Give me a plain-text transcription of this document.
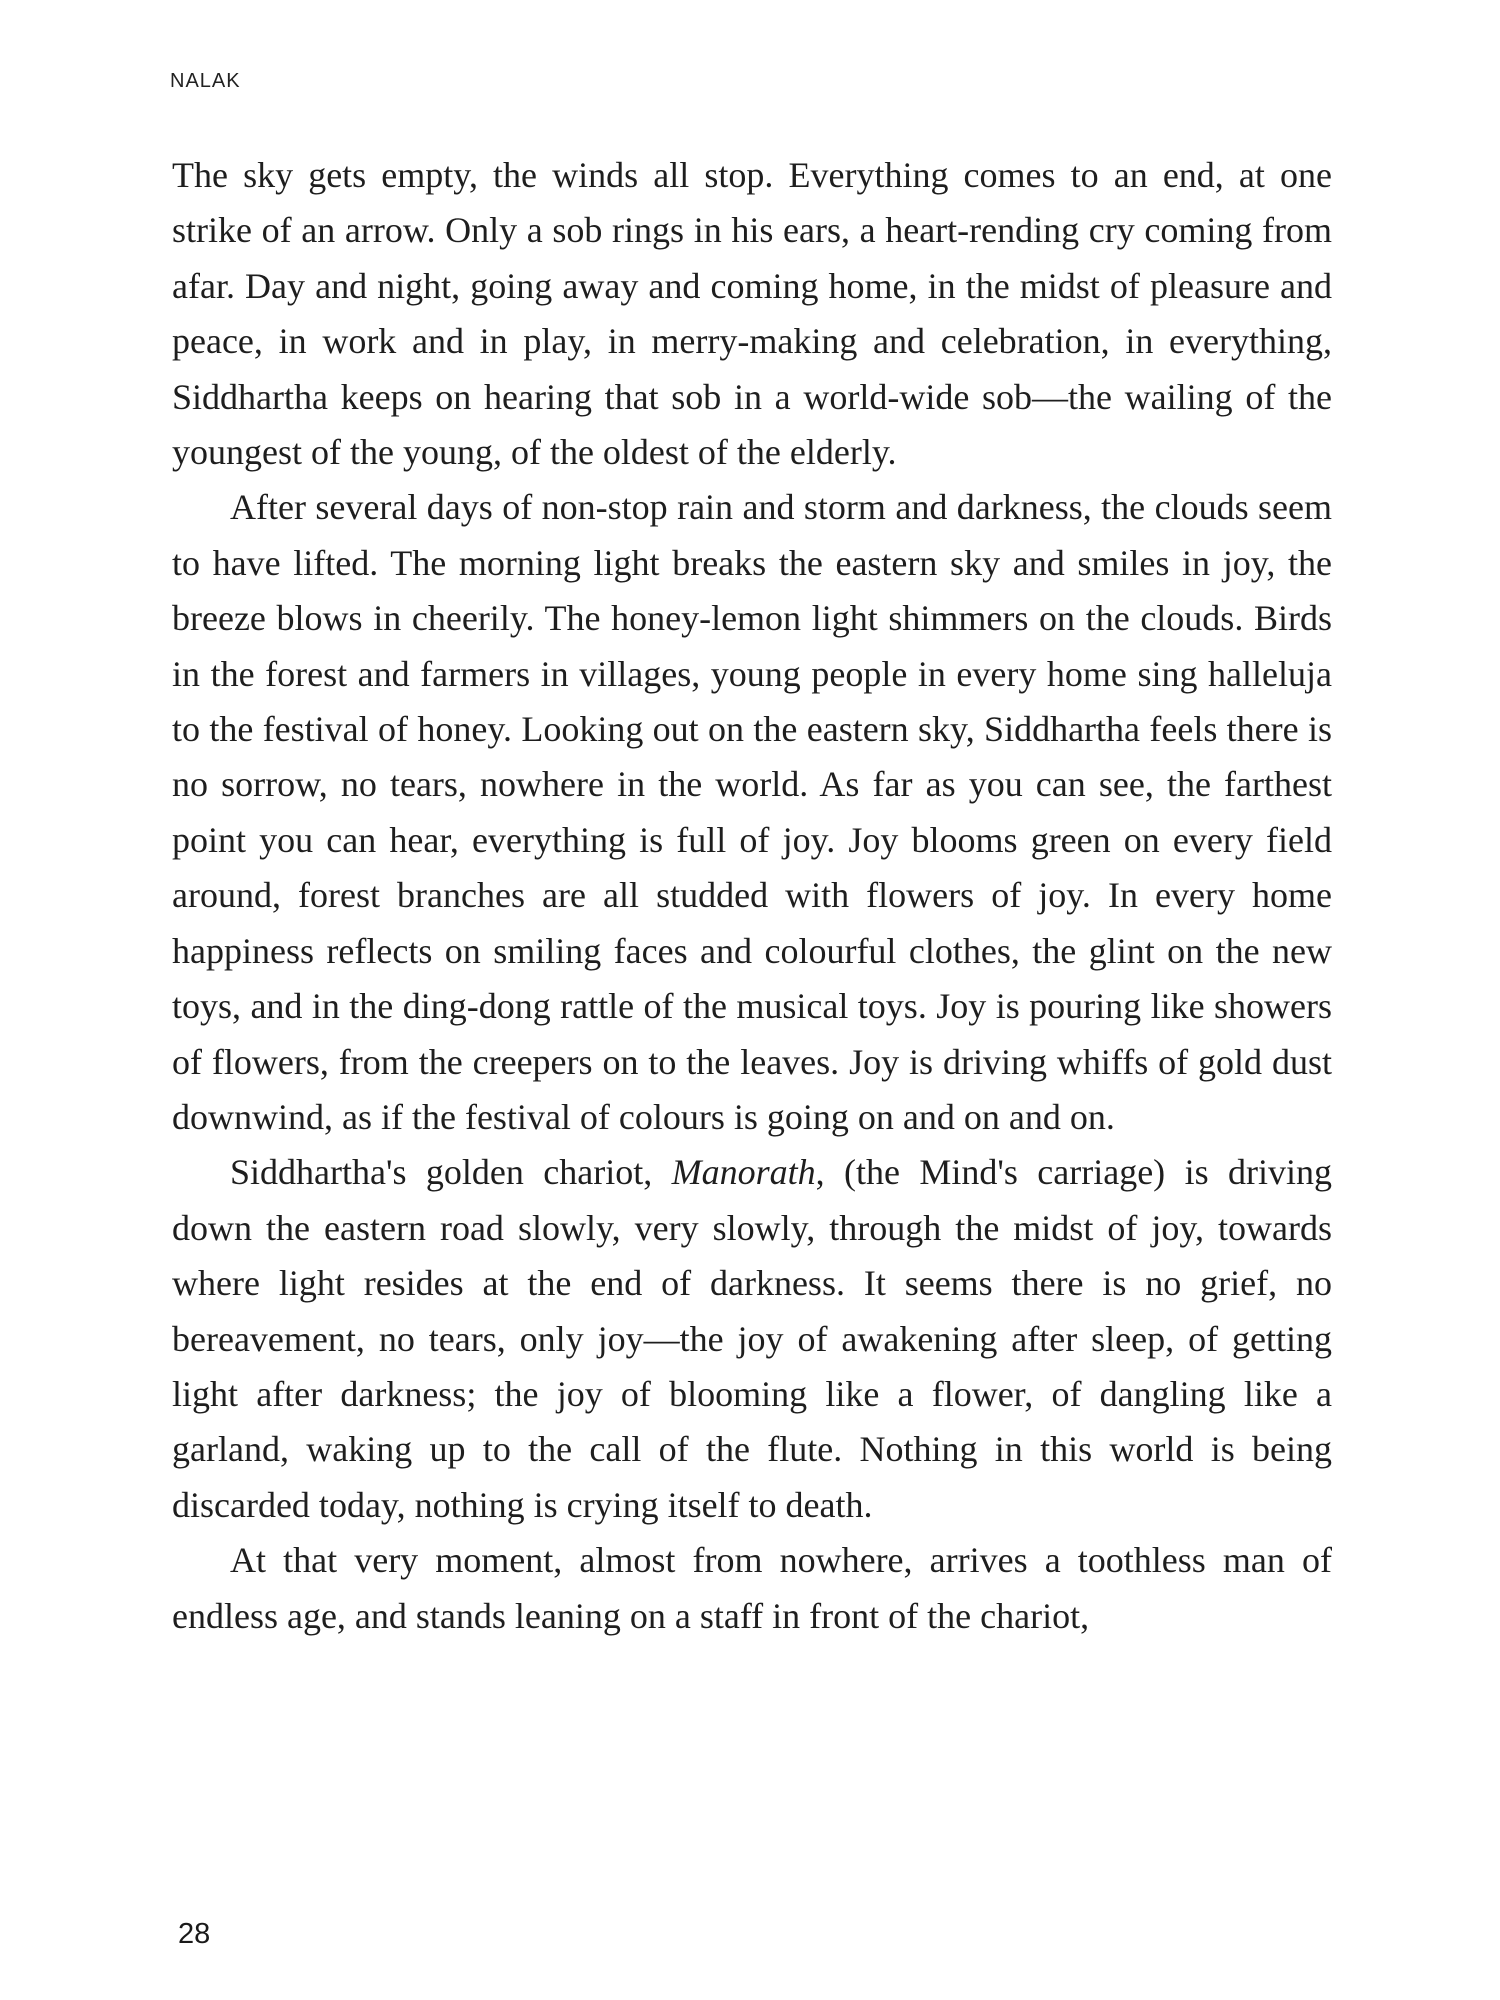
NALAK

The sky gets empty, the winds all stop. Everything comes to an end, at one strike of an arrow. Only a sob rings in his ears, a heart-rending cry coming from afar. Day and night, going away and coming home, in the midst of pleasure and peace, in work and in play, in merry-making and celebration, in everything, Siddhartha keeps on hearing that sob in a world-wide sob—the wailing of the youngest of the young, of the oldest of the elderly.

After several days of non-stop rain and storm and darkness, the clouds seem to have lifted. The morning light breaks the eastern sky and smiles in joy, the breeze blows in cheerily. The honey-lemon light shimmers on the clouds. Birds in the forest and farmers in villages, young people in every home sing halleluja to the festival of honey. Looking out on the eastern sky, Siddhartha feels there is no sorrow, no tears, nowhere in the world. As far as you can see, the farthest point you can hear, everything is full of joy. Joy blooms green on every field around, forest branches are all studded with flowers of joy. In every home happiness reflects on smiling faces and colourful clothes, the glint on the new toys, and in the ding-dong rattle of the musical toys. Joy is pouring like showers of flowers, from the creepers on to the leaves. Joy is driving whiffs of gold dust downwind, as if the festival of colours is going on and on and on.

Siddhartha's golden chariot, Manorath, (the Mind's carriage) is driving down the eastern road slowly, very slowly, through the midst of joy, towards where light resides at the end of darkness. It seems there is no grief, no bereavement, no tears, only joy—the joy of awakening after sleep, of getting light after darkness; the joy of blooming like a flower, of dangling like a garland, waking up to the call of the flute. Nothing in this world is being discarded today, nothing is crying itself to death.

At that very moment, almost from nowhere, arrives a toothless man of endless age, and stands leaning on a staff in front of the chariot,

28
